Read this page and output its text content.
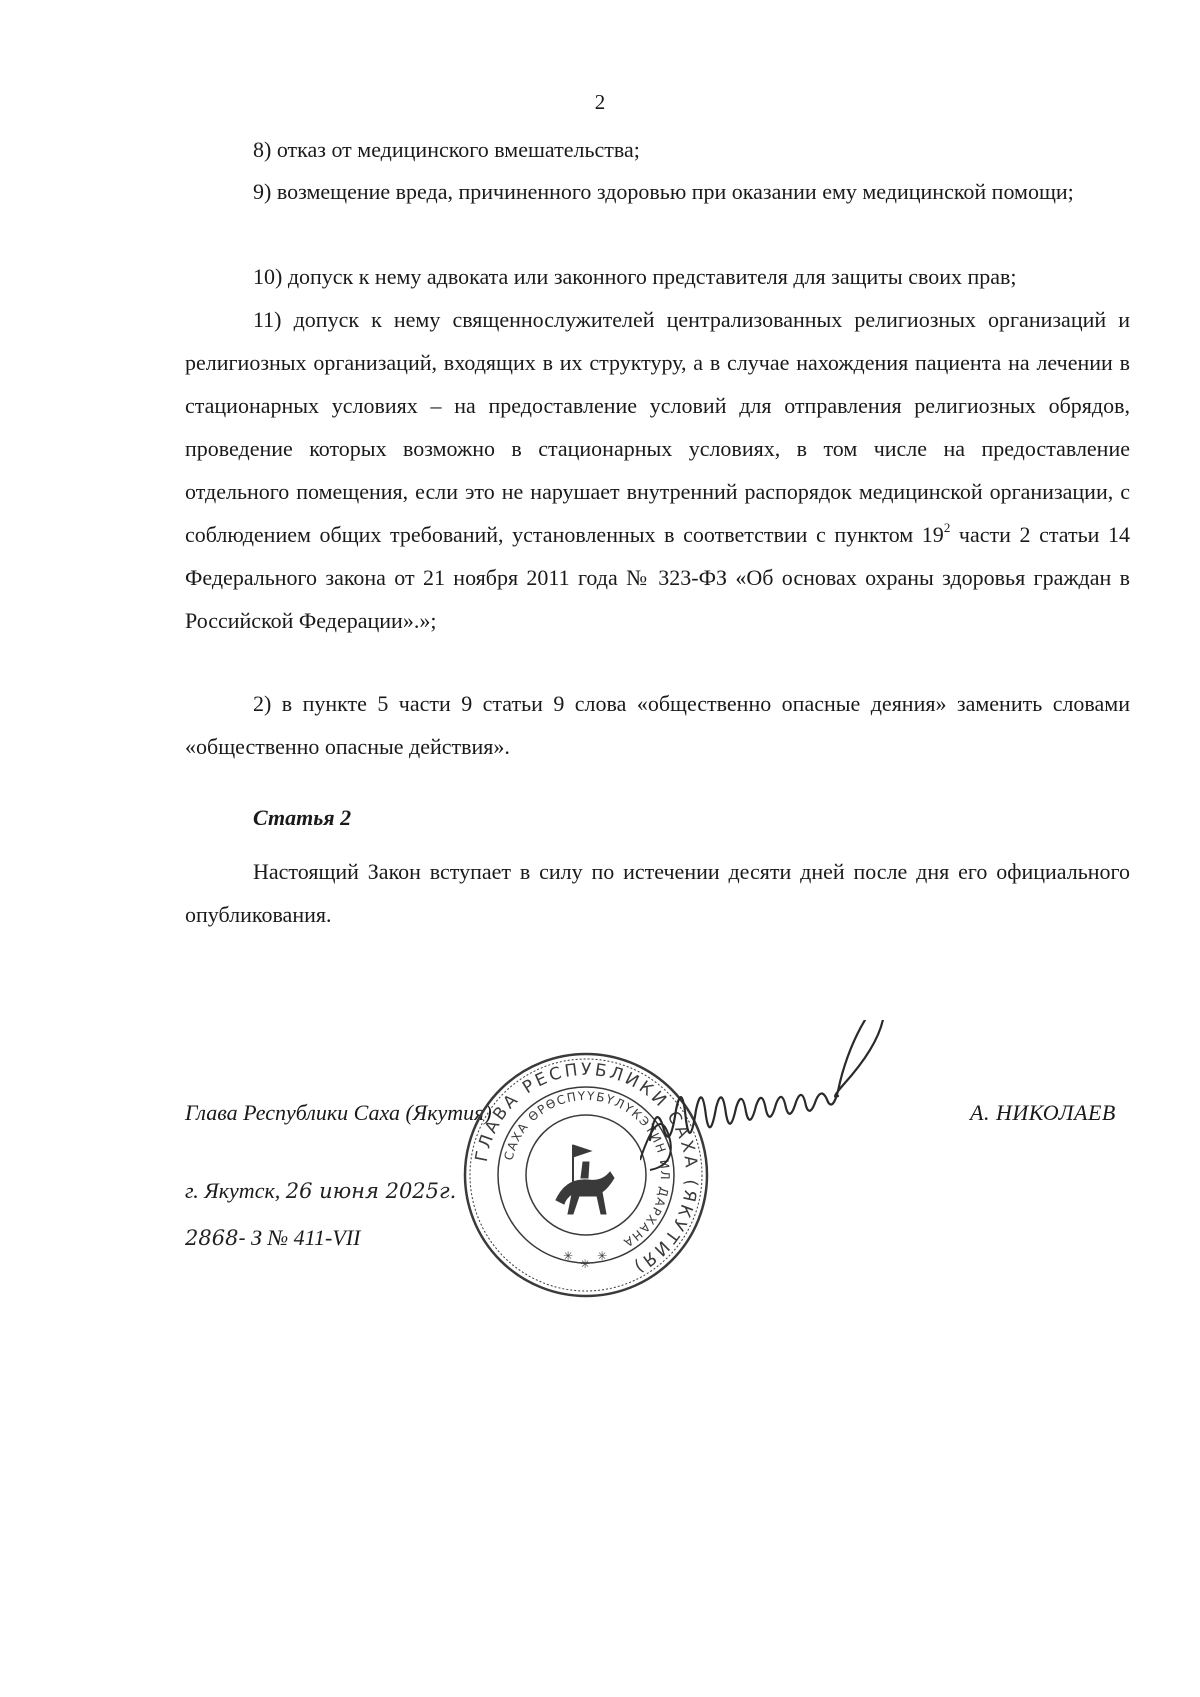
2

8) отказ от медицинского вмешательства;

9) возмещение вреда, причиненного здоровью при оказании ему медицинской помощи;

10) допуск к нему адвоката или законного представителя для защиты своих прав;

11) допуск к нему священнослужителей централизованных религиозных организаций и религиозных организаций, входящих в их структуру, а в случае нахождения пациента на лечении в стационарных условиях – на предоставление условий для отправления религиозных обрядов, проведение которых возможно в стационарных условиях, в том числе на предоставление отдельного помещения, если это не нарушает внутренний распорядок медицинской организации, с соблюдением общих требований, установленных в соответствии с пунктом $19^2$ части 2 статьи 14 Федерального закона от 21 ноября 2011 года № 323-ФЗ «Об основах охраны здоровья граждан в Российской Федерации».»;

2) в пункте 5 части 9 статьи 9 слова «общественно опасные деяния» заменить словами «общественно опасные действия».

Статья 2

Настоящий Закон вступает в силу по истечении десяти дней после дня его официального опубликования.

Глава Республики Саха (Якутия)	А. НИКОЛАЕВ
г. Якутск, 26 июня 2025г.
2868- З № 411-VII
ГЛАВА РЕСПУБЛИКИ САХА (ЯКУТИЯ)
САХА ӨРӨСПҮҮБҮЛҮКЭТИН ИЛ ДАРХАНА
✳
✳
✳
